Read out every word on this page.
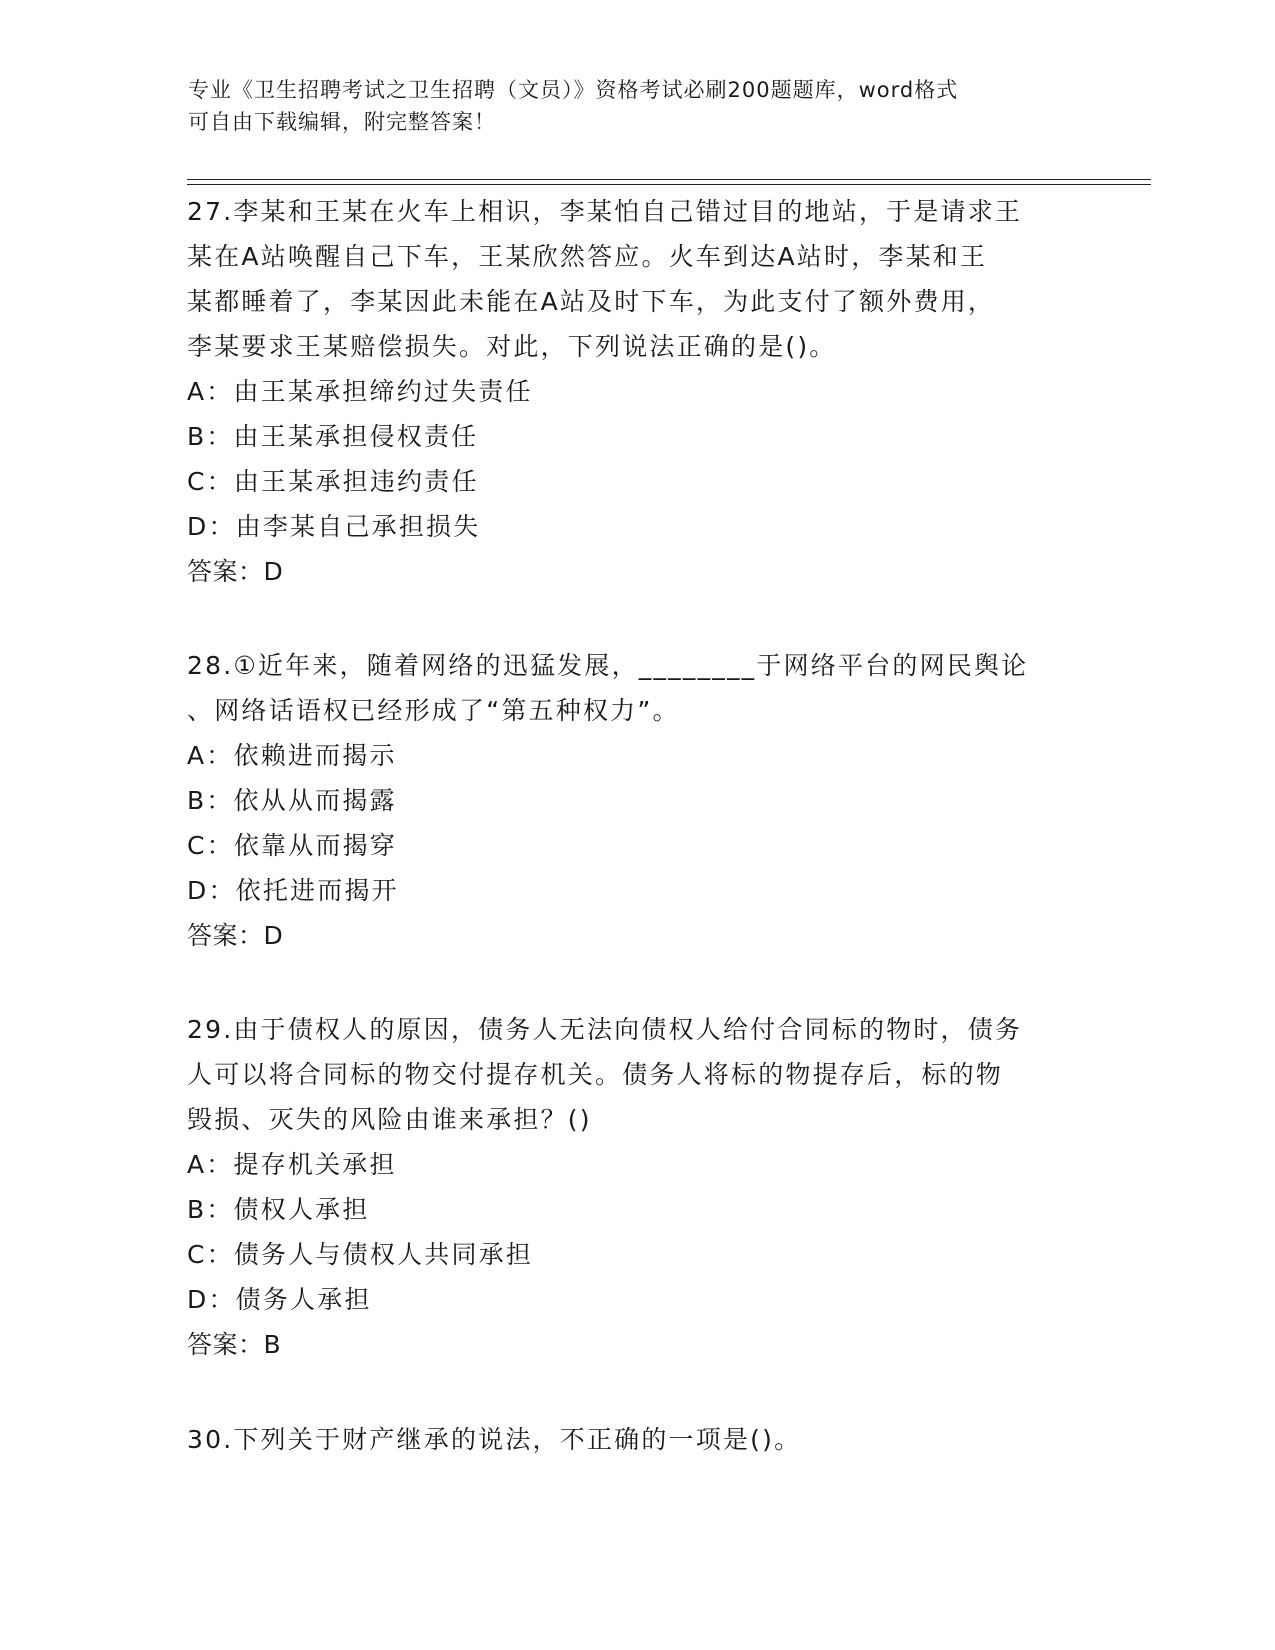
专业《卫生招聘考试之卫生招聘（文员）》资格考试必刷200题题库，word格式

可自由下载编辑，附完整答案！

27.李某和王某在火车上相识，李某怕自己错过目的地站，于是请求王
某在A站唤醒自己下车，王某欣然答应。火车到达A站时，李某和王
某都睡着了，李某因此未能在A站及时下车，为此支付了额外费用，
李某要求王某赔偿损失。对此，下列说法正确的是()。

A：由王某承担缔约过失责任
B：由王某承担侵权责任
C：由王某承担违约责任
D：由李某自己承担损失

答案：D

28.①近年来，随着网络的迅猛发展，________于网络平台的网民舆论
、网络话语权已经形成了“第五种权力”。

A：依赖进而揭示
B：依从从而揭露
C：依靠从而揭穿
D：依托进而揭开

答案：D

29.由于债权人的原因，债务人无法向债权人给付合同标的物时，债务
人可以将合同标的物交付提存机关。债务人将标的物提存后，标的物
毁损、灭失的风险由谁来承担？()

A：提存机关承担
B：债权人承担
C：债务人与债权人共同承担
D：债务人承担

答案：B

30.下列关于财产继承的说法，不正确的一项是()。
